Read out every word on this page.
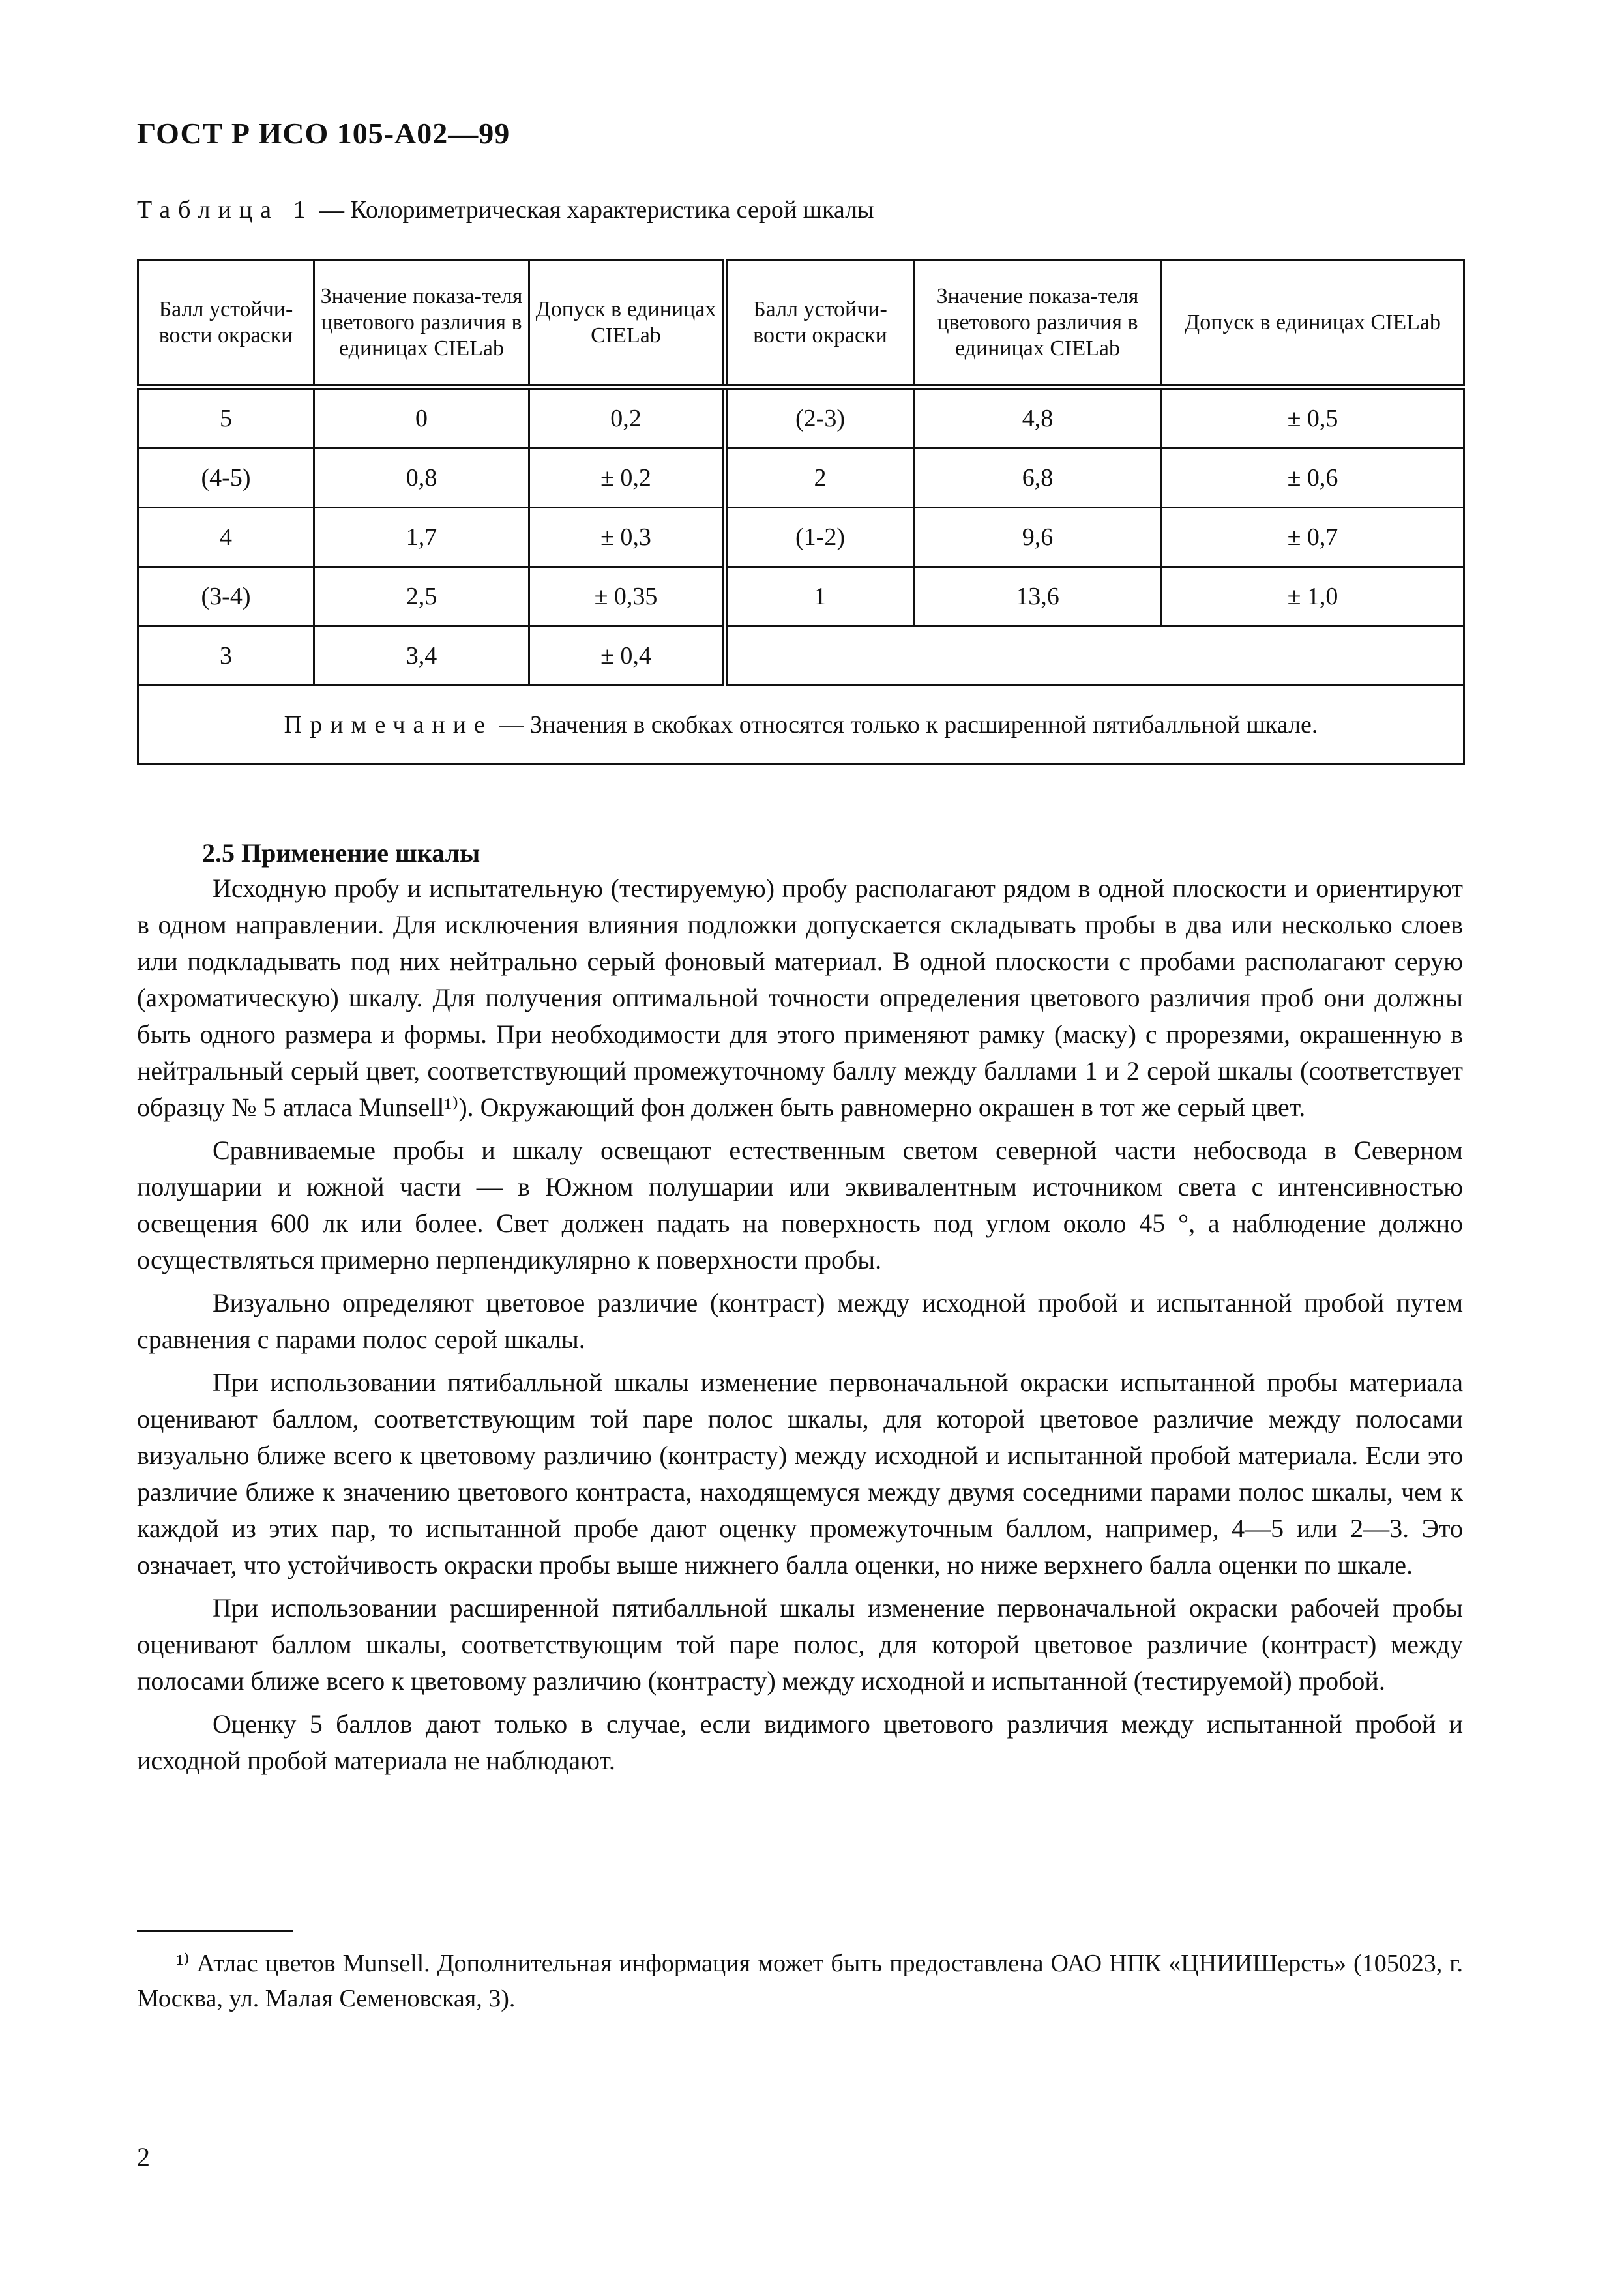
ГОСТ Р ИСО 105-А02—99
Таблица 1 — Колориметрическая характеристика серой шкалы
Балл устойчи-вости окраски	Значение показа-теля цветового различия в единицах CIELab	Допуск в единицах CIELab	Балл устойчи-вости окраски	Значение показа-теля цветового различия в единицах CIELab	Допуск в единицах CIELab
5	0	0,2	(2-3)	4,8	± 0,5
(4-5)	0,8	± 0,2	2	6,8	± 0,6
4	1,7	± 0,3	(1-2)	9,6	± 0,7
(3-4)	2,5	± 0,35	1	13,6	± 1,0
3	3,4	± 0,4			
Примечание — Значения в скобках относятся только к расширенной пятибалльной шкале.					
2.5 Применение шкалы

Исходную пробу и испытательную (тестируемую) пробу располагают рядом в одной плоскости и ориентируют в одном направлении. Для исключения влияния подложки допускается складывать пробы в два или несколько слоев или подкладывать под них нейтрально серый фоновый материал. В одной плоскости с пробами располагают серую (ахроматическую) шкалу. Для получения оптимальной точности определения цветового различия проб они должны быть одного размера и формы. При необходимости для этого применяют рамку (маску) с прорезями, окрашенную в нейтральный серый цвет, соответствующий промежуточному баллу между баллами 1 и 2 серой шкалы (соответствует образцу № 5 атласа Munsell¹⁾). Окружающий фон должен быть равномерно окрашен в тот же серый цвет.

Сравниваемые пробы и шкалу освещают естественным светом северной части небосвода в Северном полушарии и южной части — в Южном полушарии или эквивалентным источником света с интенсивностью освещения 600 лк или более. Свет должен падать на поверхность под углом около 45 °, а наблюдение должно осуществляться примерно перпендикулярно к поверхности пробы.

Визуально определяют цветовое различие (контраст) между исходной пробой и испытанной пробой путем сравнения с парами полос серой шкалы.

При использовании пятибалльной шкалы изменение первоначальной окраски испытанной пробы материала оценивают баллом, соответствующим той паре полос шкалы, для которой цветовое различие между полосами визуально ближе всего к цветовому различию (контрасту) между исходной и испытанной пробой материала. Если это различие ближе к значению цветового контраста, находящемуся между двумя соседними парами полос шкалы, чем к каждой из этих пар, то испытанной пробе дают оценку промежуточным баллом, например, 4—5 или 2—3. Это означает, что устойчивость окраски пробы выше нижнего балла оценки, но ниже верхнего балла оценки по шкале.

При использовании расширенной пятибалльной шкалы изменение первоначальной окраски рабочей пробы оценивают баллом шкалы, соответствующим той паре полос, для которой цветовое различие (контраст) между полосами ближе всего к цветовому различию (контрасту) между исходной и испытанной (тестируемой) пробой.

Оценку 5 баллов дают только в случае, если видимого цветового различия между испытанной пробой и исходной пробой материала не наблюдают.

¹⁾ Атлас цветов Munsell. Дополнительная информация может быть предоставлена ОАО НПК «ЦНИИШерсть» (105023, г. Москва, ул. Малая Семеновская, 3).
2
